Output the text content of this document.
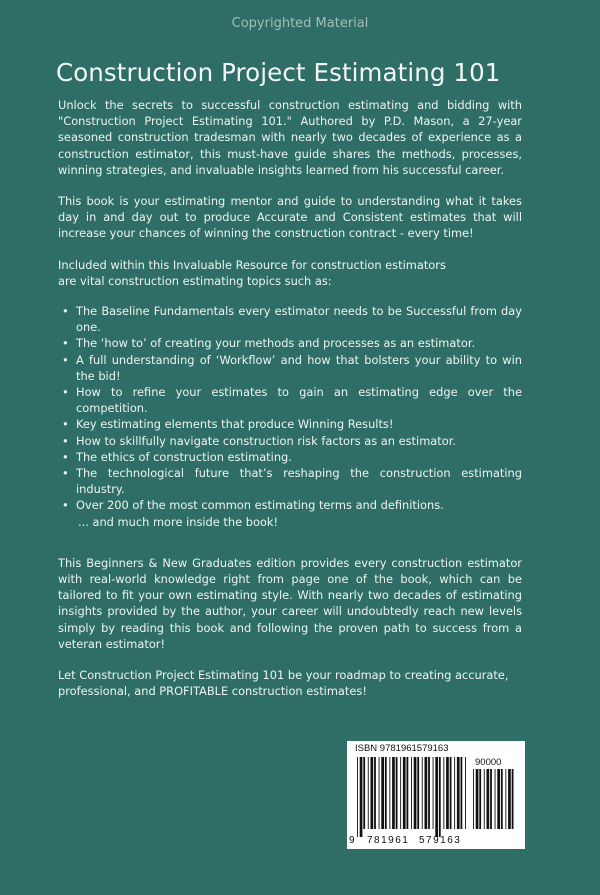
Copyrighted Material
Construction Project Estimating 101

Unlock the secrets to successful construction estimating and bidding with "Construction Project Estimating 101." Authored by P.D. Mason, a 27-year seasoned construction tradesman with nearly two decades of experience as a construction estimator, this must-have guide shares the methods, processes, winning strategies, and invaluable insights learned from his successful career.

This book is your estimating mentor and guide to understanding what it takes day in and day out to produce Accurate and Consistent estimates that will increase your chances of winning the construction contract - every time!

Included within this Invaluable Resource for construction estimators are vital construction estimating topics such as:

• The Baseline Fundamentals every estimator needs to be Successful from day one.
• The ‘how to’ of creating your methods and processes as an estimator.
• A full understanding of ‘Workflow’ and how that bolsters your ability to win the bid!
• How to refine your estimates to gain an estimating edge over the competition.
• Key estimating elements that produce Winning Results!
• How to skillfully navigate construction risk factors as an estimator.
• The ethics of construction estimating.
• The technological future that’s reshaping the construction estimating industry.
• Over 200 of the most common estimating terms and definitions.
... and much more inside the book!

This Beginners & New Graduates edition provides every construction estimator with real-world knowledge right from page one of the book, which can be tailored to fit your own estimating style. With nearly two decades of estimating insights provided by the author, your career will undoubtedly reach new levels simply by reading this book and following the proven path to success from a veteran estimator!

Let Construction Project Estimating 101 be your roadmap to creating accurate, professional, and PROFITABLE construction estimates!

ISBN 9781961579163
90000
9 781961 579163
